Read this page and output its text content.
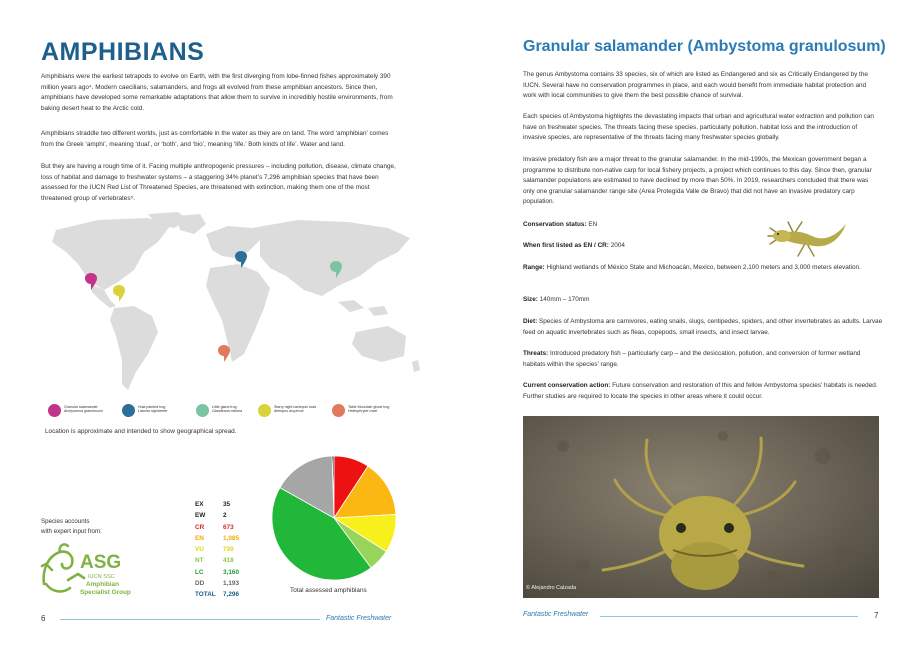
AMPHIBIANS
Amphibians were the earliest tetrapods to evolve on Earth, with the first diverging from lobe-finned fishes approximately 390 million years ago⁴. Modern caecilians, salamanders, and frogs all evolved from these amphibian ancestors. Since then, amphibians have developed some remarkable adaptations that allow them to survive in incredibly hostile environments, from baking desert heat to the Arctic cold.
Amphibians straddle two different worlds, just as comfortable in the water as they are on land. The word ‘amphibian’ comes from the Greek ‘amphi’, meaning ‘dual’, or ‘both’, and ‘bio’, meaning ‘life.’ Both kinds of life’. Water and land.
But they are having a rough time of it. Facing multiple anthropogenic pressures – including pollution, disease, climate change, loss of habitat and damage to freshwater systems – a staggering 34% planet’s 7,296 amphibian species that have been assessed for the IUCN Red List of Threatened Species, are threatened with extinction, making them one of the most threatened group of vertebrates⁵.
Granular salamander
Ambystoma granulosum
Hula painted frog
Latonia nigriventer
Little gland frog
Glandirana minima
Starry night harlequin toad
Atelopus arsyecue
Table Mountain ghost frog
Heleophryne rosei
Location is approximate and intended to show geographical spread.
Species accounts
with expert input from:
ASG
IUCN SSC
Amphibian
Specialist Group
EX	35
EW	2
CR	673
EN	1,085
VU	730
NT	418
LC	3,160
DD	1,193
TOTAL 7,296
Total assessed amphibians
6	Fantastic Freshwater
Granular salamander (Ambystoma granulosum)
The genus Ambystoma contains 33 species, six of which are listed as Endangered and six as Critically Endangered by the IUCN. Several have no conservation programmes in place, and each would benefit from immediate habitat protection and work with local communities to give them the best possible chance of survival.
Each species of Ambystoma highlights the devastating impacts that urban and agricultural water extraction and pollution can have on freshwater species. The threats facing these species, particularly pollution, habitat loss and the introduction of invasive species, are representative of the threats facing many freshwater species globally.
Invasive predatory fish are a major threat to the granular salamander. In the mid-1990s, the Mexican government began a programme to distribute non-native carp for local fishery projects, a project which continues to this day. Since then, granular salamander populations are estimated to have declined by more than 50%. In 2019, researchers concluded that there was only one granular salamander range site (Area Protegida Valle de Bravo) that did not have an invasive predatory carp population.
Conservation status: EN
When first listed as EN / CR: 2004
Range: Highland wetlands of México State and Michoacán, Mexico, between 2,100 meters and 3,000 meters elevation.
Size: 140mm – 170mm
Diet: Species of Ambystoma are carnivores, eating snails, slugs, centipedes, spiders, and other invertebrates as adults. Larvae feed on aquatic invertebrates such as fleas, copepods, small insects, and insect larvae.
Threats: Introduced predatory fish – particularly carp – and the desiccation, pollution, and conversion of former wetland habitats within the species’ range.
Current conservation action: Future conservation and restoration of this and fellow Ambystoma species’ habitats is needed. Further studies are required to locate the species in other areas where it could occur.
© Alejandro Calzada
Fantastic Freshwater	7
